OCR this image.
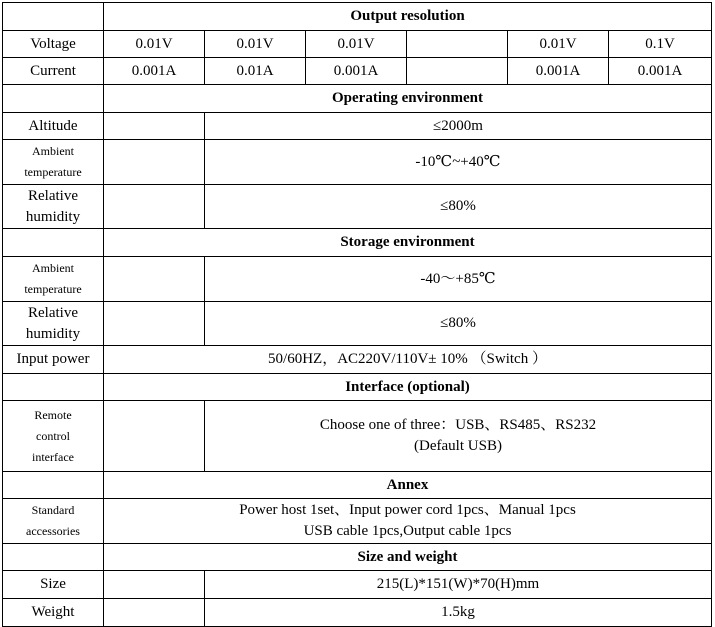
	Output resolution					
Voltage	0.01V	0.01V	0.01V		0.01V	0.1V
Current	0.001A	0.01A	0.001A		0.001A	0.001A
	Operating environment					
Altitude		≤2000m				
Ambient
temperature		-10℃~+40℃				
Relative
humidity		≤80%				
	Storage environment					
Ambient
temperature		-40～+85℃				
Relative
humidity		≤80%				
Input power	50/60HZ，AC220V/110V± 10% （Switch ）					
	Interface (optional)					
Remote
control
interface		Choose one of three：USB、RS485、RS232
(Default USB)				
	Annex					
Standard
accessories	Power host 1set、Input power cord 1pcs、Manual 1pcs
USB cable 1pcs,Output cable 1pcs					
	Size and weight					
Size		215(L)*151(W)*70(H)mm				
Weight		1.5kg				
